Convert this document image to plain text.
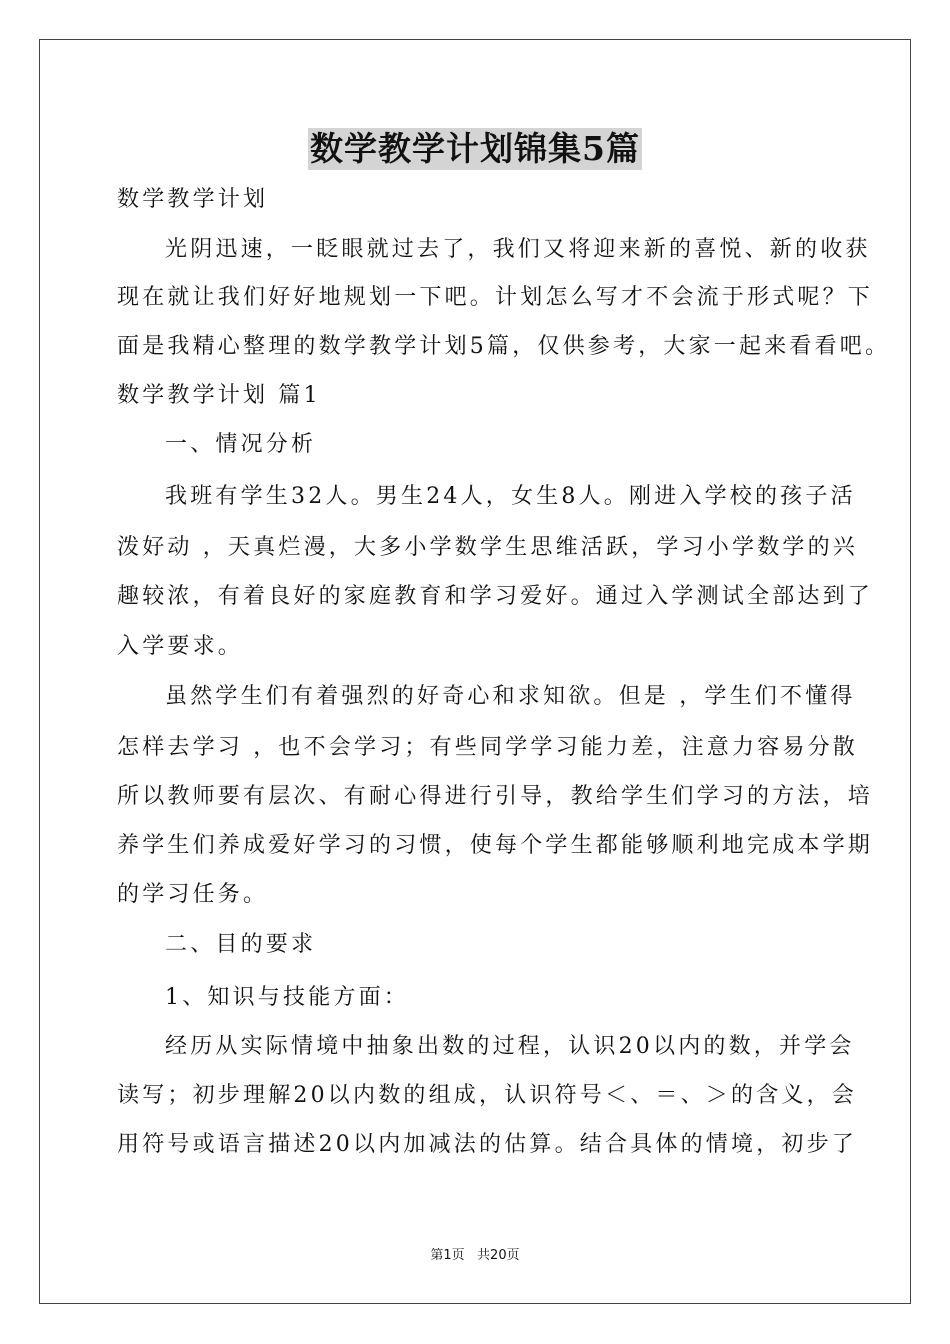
数学教学计划锦集5篇
数学教学计划
光阴迅速，一眨眼就过去了，我们又将迎来新的喜悦、新的收获
现在就让我们好好地规划一下吧。计划怎么写才不会流于形式呢？下
面是我精心整理的数学教学计划5篇，仅供参考，大家一起来看看吧。
数学教学计划 篇1
一、情况分析
我班有学生32人。男生24人，女生8人。刚进入学校的孩子活
泼好动 ，天真烂漫，大多小学数学生思维活跃，学习小学数学的兴
趣较浓，有着良好的家庭教育和学习爱好。通过入学测试全部达到了
入学要求。
虽然学生们有着强烈的好奇心和求知欲。但是 ，学生们不懂得
怎样去学习 ，也不会学习；有些同学学习能力差，注意力容易分散
所以教师要有层次、有耐心得进行引导，教给学生们学习的方法，培
养学生们养成爱好学习的习惯，使每个学生都能够顺利地完成本学期
的学习任务。
二、目的要求
1、知识与技能方面：
经历从实际情境中抽象出数的过程，认识20以内的数，并学会
读写；初步理解20以内数的组成，认识符号＜、＝、＞的含义，会
用符号或语言描述20以内加减法的估算。结合具体的情境，初步了
第1页   共20页
